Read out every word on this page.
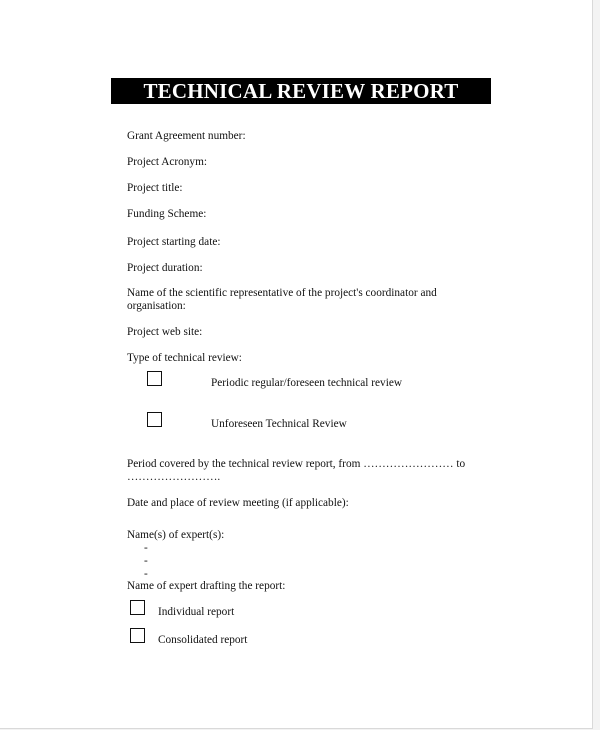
TECHNICAL REVIEW REPORT
Grant Agreement number:
Project Acronym:
Project title:
Funding Scheme:
Project starting date:
Project duration:
Name of the scientific representative of the project's coordinator and
organisation:
Project web site:
Type of technical review:
Periodic regular/foreseen technical review
Unforeseen Technical Review
Period covered by the technical review report, from …………………… to
…………………….
Date and place of review meeting (if applicable):
Name(s) of expert(s):
-
-
-
Name of expert drafting the report:
Individual report
Consolidated report
